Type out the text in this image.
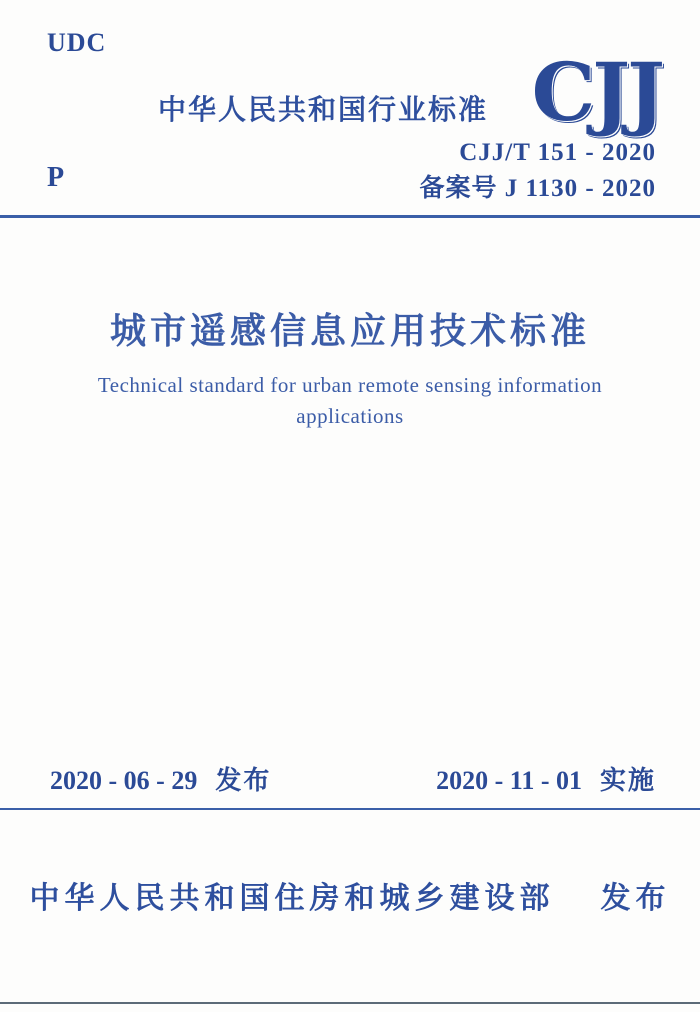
UDC
中华人民共和国行业标准 CJJ
CJJ/T 151 - 2020
备案号 J 1130 - 2020
P
城市遥感信息应用技术标准
Technical standard for urban remote sensing information
applications
2020 - 06 - 29 发布	2020 - 11 - 01 实施
中华人民共和国住房和城乡建设部 发布
